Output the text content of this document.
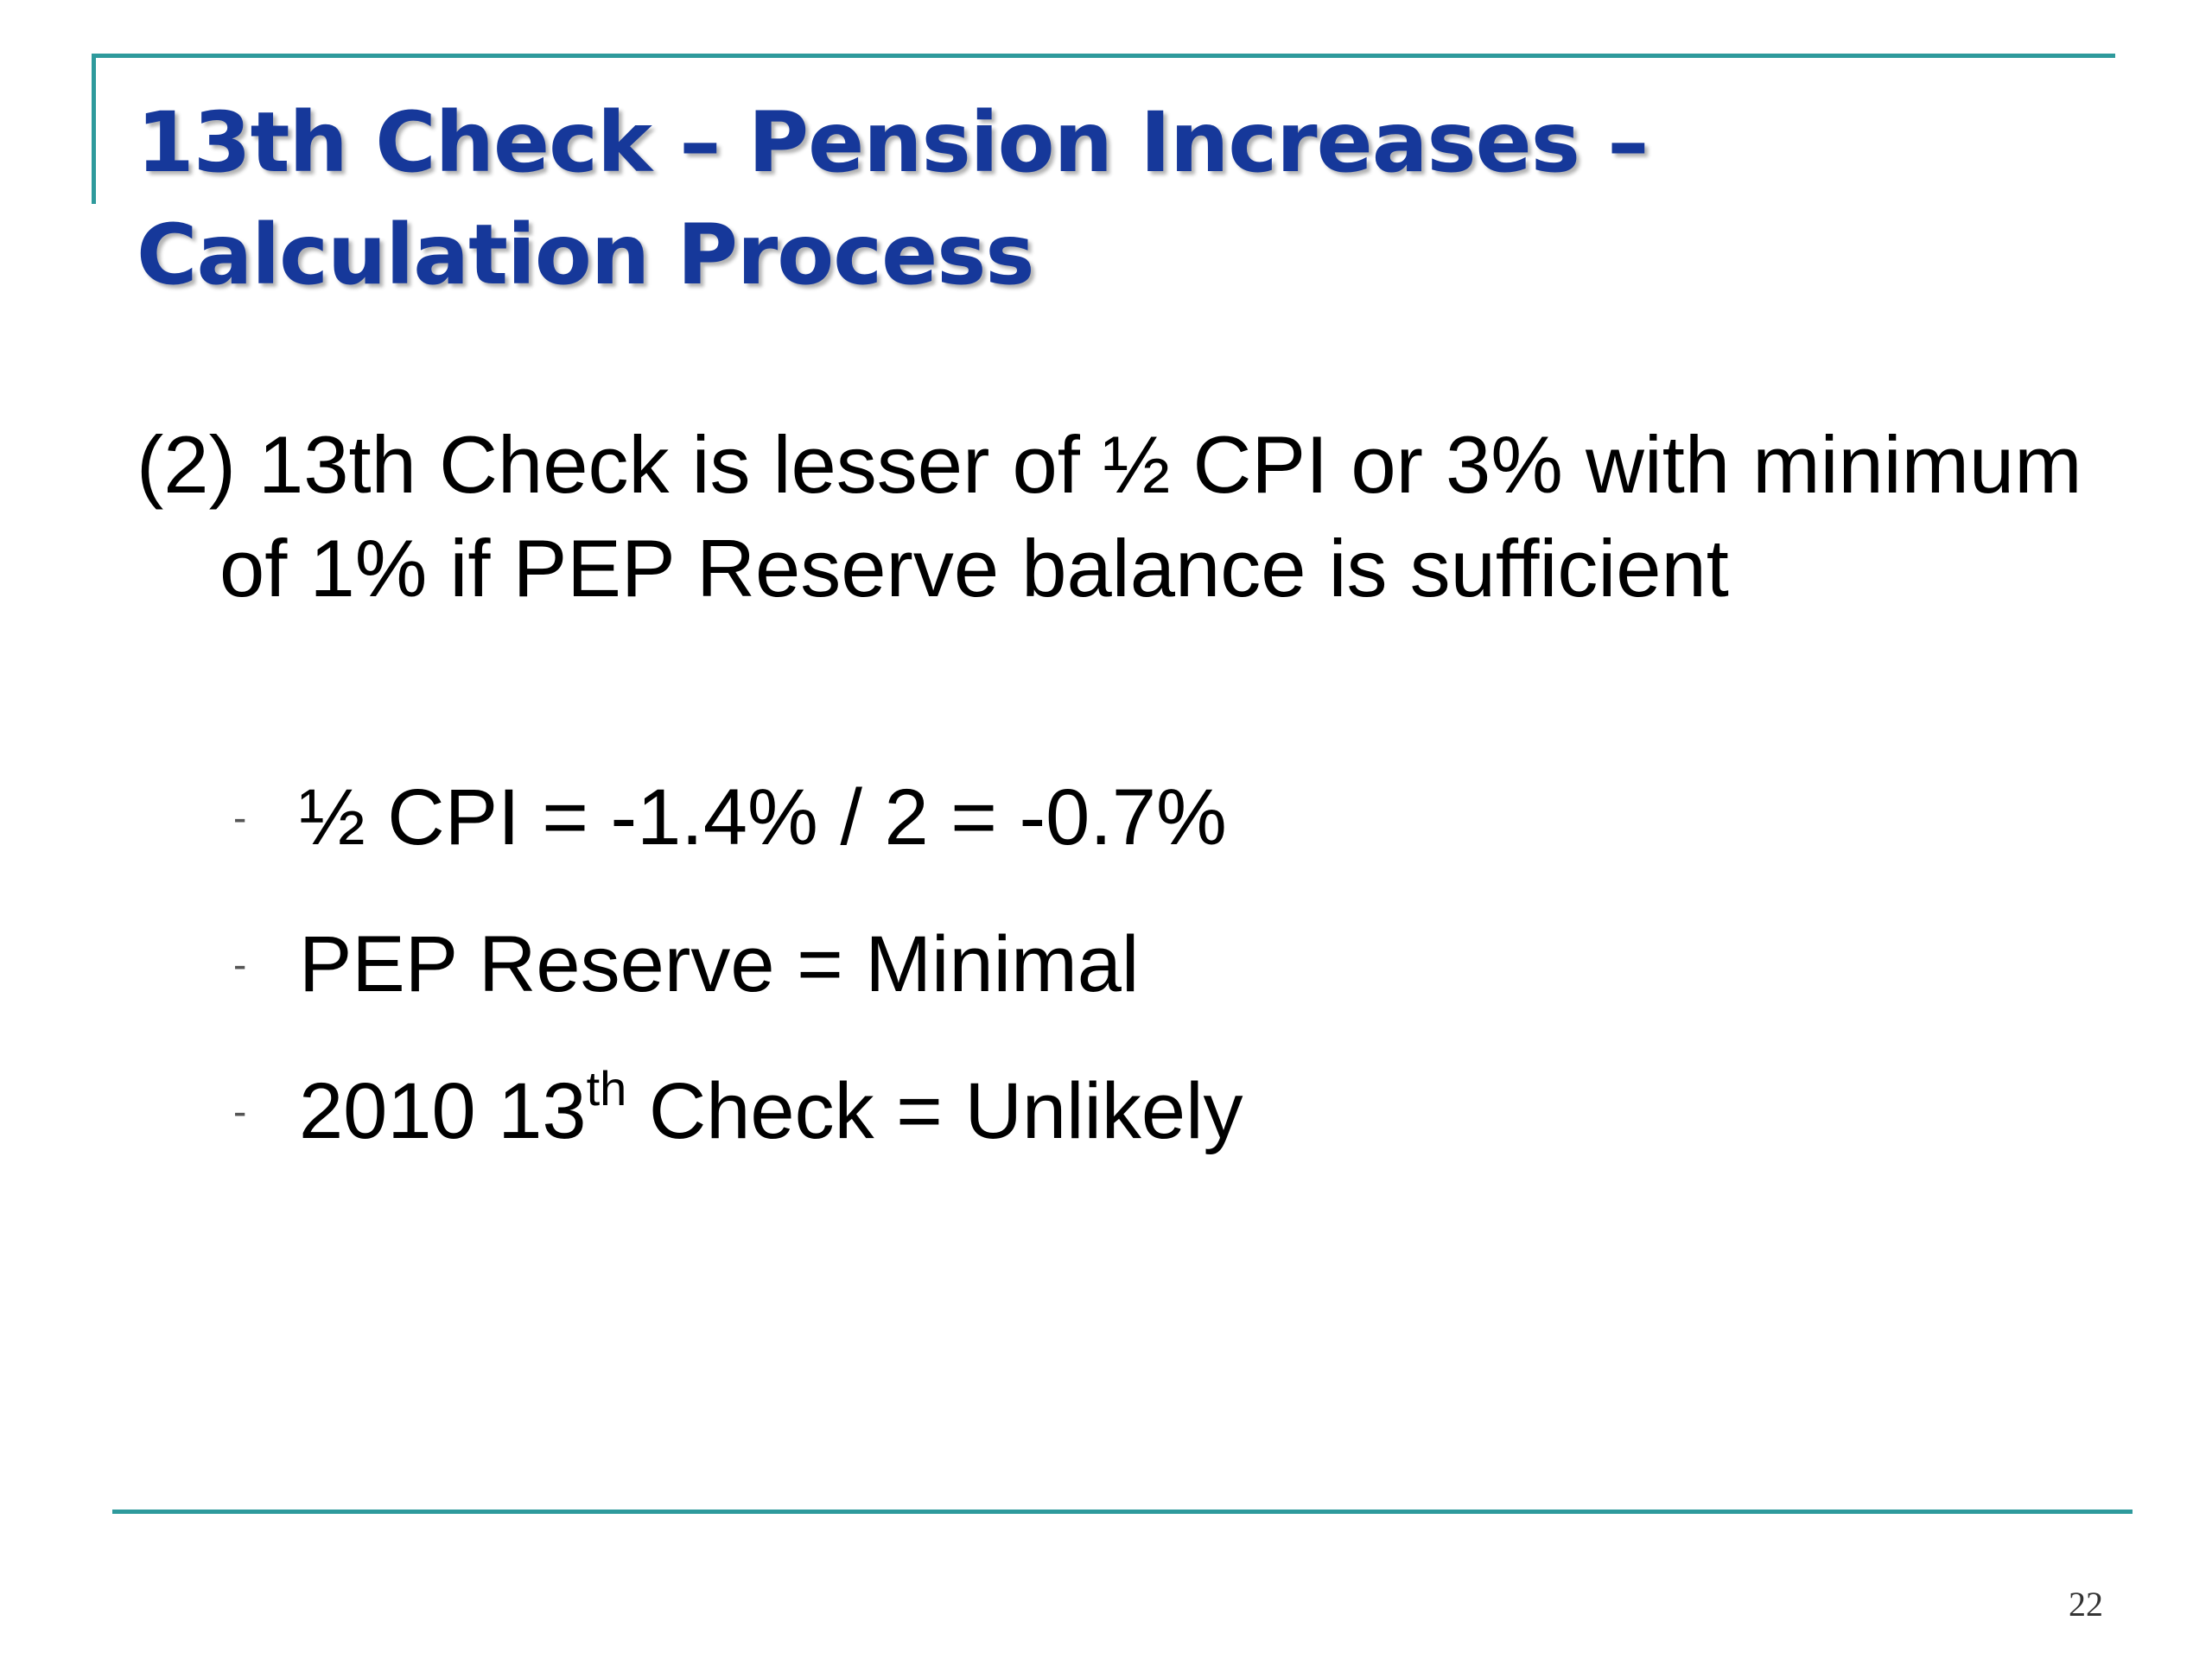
13th Check – Pension Increases –
Calculation Process
(2) 13th Check is lesser of ½ CPI or 3% with minimum of 1% if PEP Reserve balance is sufficient
- ½ CPI = -1.4% / 2 = -0.7%
- PEP Reserve = Minimal
- 2010 13th Check = Unlikely
22
